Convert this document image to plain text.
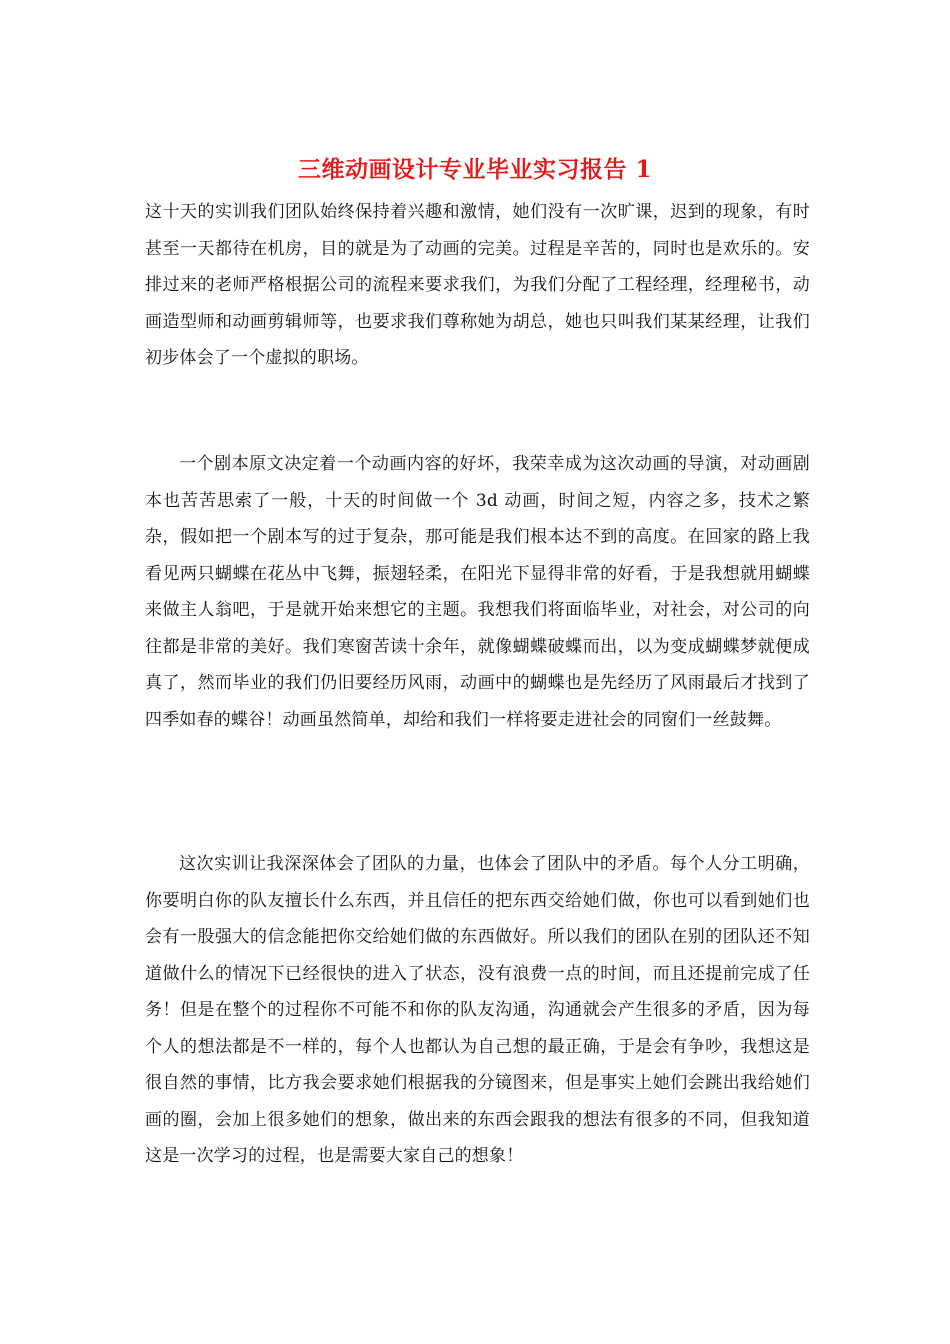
三维动画设计专业毕业实习报告 1

这十天的实训我们团队始终保持着兴趣和激情，她们没有一次旷课，迟到的现象，有时甚至一天都待在机房，目的就是为了动画的完美。过程是辛苦的，同时也是欢乐的。安排过来的老师严格根据公司的流程来要求我们，为我们分配了工程经理，经理秘书，动画造型师和动画剪辑师等，也要求我们尊称她为胡总，她也只叫我们某某经理，让我们初步体会了一个虚拟的职场。

一个剧本原文决定着一个动画内容的好坏，我荣幸成为这次动画的导演，对动画剧本也苦苦思索了一般，十天的时间做一个 3d 动画，时间之短，内容之多，技术之繁杂，假如把一个剧本写的过于复杂，那可能是我们根本达不到的高度。在回家的路上我看见两只蝴蝶在花丛中飞舞，振翅轻柔，在阳光下显得非常的好看，于是我想就用蝴蝶来做主人翁吧，于是就开始来想它的主题。我想我们将面临毕业，对社会，对公司的向往都是非常的美好。我们寒窗苦读十余年，就像蝴蝶破蝶而出，以为变成蝴蝶梦就便成真了，然而毕业的我们仍旧要经历风雨，动画中的蝴蝶也是先经历了风雨最后才找到了四季如春的蝶谷！动画虽然简单，却给和我们一样将要走进社会的同窗们一丝鼓舞。

这次实训让我深深体会了团队的力量，也体会了团队中的矛盾。每个人分工明确，你要明白你的队友擅长什么东西，并且信任的把东西交给她们做，你也可以看到她们也会有一股强大的信念能把你交给她们做的东西做好。所以我们的团队在别的团队还不知道做什么的情况下已经很快的进入了状态，没有浪费一点的时间，而且还提前完成了任务！但是在整个的过程你不可能不和你的队友沟通，沟通就会产生很多的矛盾，因为每个人的想法都是不一样的，每个人也都认为自己想的最正确，于是会有争吵，我想这是很自然的事情，比方我会要求她们根据我的分镜图来，但是事实上她们会跳出我给她们画的圈，会加上很多她们的想象，做出来的东西会跟我的想法有很多的不同，但我知道这是一次学习的过程，也是需要大家自己的想象！
